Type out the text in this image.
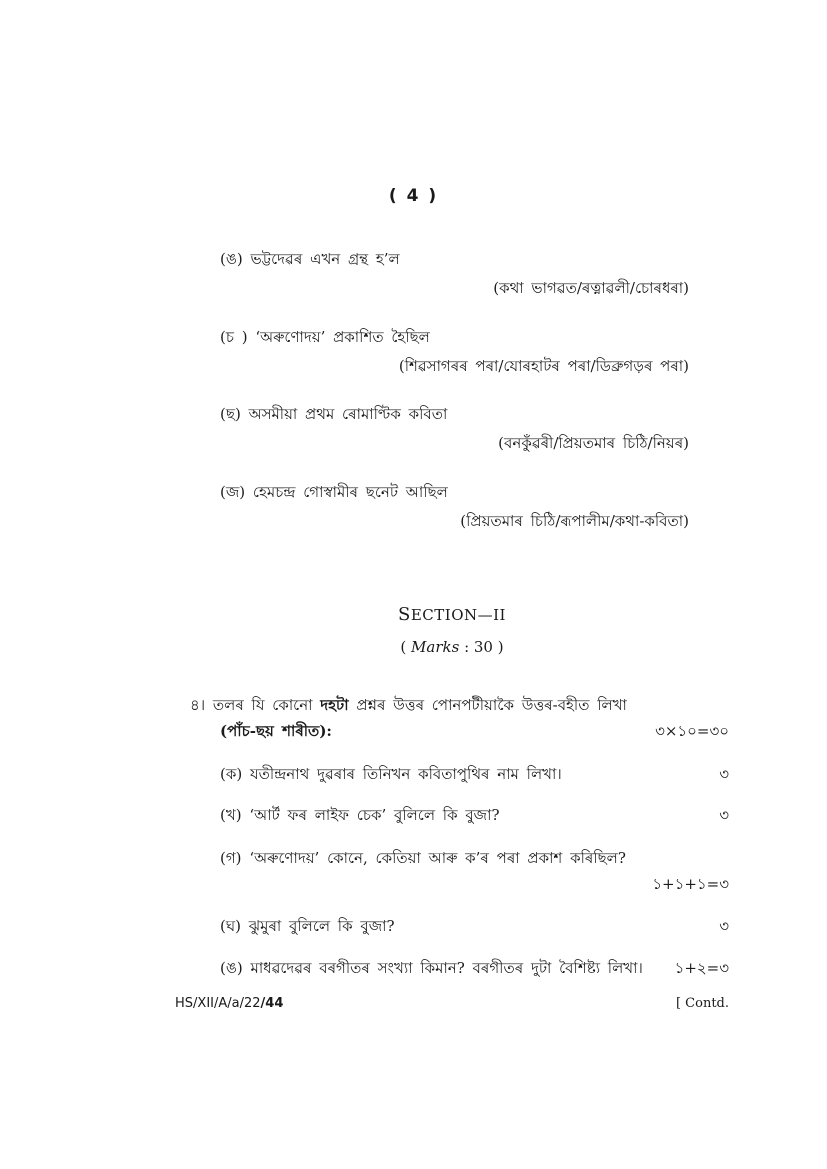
( 4 )
(ঙ) ভট্টদেৱৰ এখন গ্ৰন্থ হ’ল
(কথা ভাগৱত/ৰত্নাৱলী/চোৰধৰা)
(চ ) ‘অৰুণোদয়’ প্ৰকাশিত হৈছিল
(শিৱসাগৰৰ পৰা/যোৰহাটৰ পৰা/ডিব্ৰুগড়ৰ পৰা)
(ছ) অসমীয়া প্ৰথম ৰোমাণ্টিক কবিতা
(বনকুঁৱৰী/প্ৰিয়তমাৰ চিঠি/নিয়ৰ)
(জ) হেমচন্দ্ৰ গোস্বামীৰ ছনেট আছিল
(প্ৰিয়তমাৰ চিঠি/ৰূপালীম/কথা-কবিতা)
SECTION—II
( Marks : 30 )
৪। তলৰ যি কোনো দহটা প্ৰশ্নৰ উত্তৰ পোনপটীয়াকৈ উত্তৰ-বহীত লিখা
(পাঁচ-ছয় শাৰীত):	৩×১০=৩০
(ক) যতীন্দ্ৰনাথ দুৱৰাৰ তিনিখন কবিতাপুথিৰ নাম লিখা।	৩
(খ) ‘আৰ্ট ফৰ লাইফ চেক’ বুলিলে কি বুজা?	৩
(গ) ‘অৰুণোদয়’ কোনে, কেতিয়া আৰু ক’ৰ পৰা প্ৰকাশ কৰিছিল?
১+১+১=৩
(ঘ) ঝুমুৰা বুলিলে কি বুজা?	৩
(ঙ) মাধৱদেৱৰ বৰগীতৰ সংখ্যা কিমান? বৰগীতৰ দুটা বৈশিষ্ট্য লিখা। ১+২=৩
HS/XII/A/a/22/44	[ Contd.
